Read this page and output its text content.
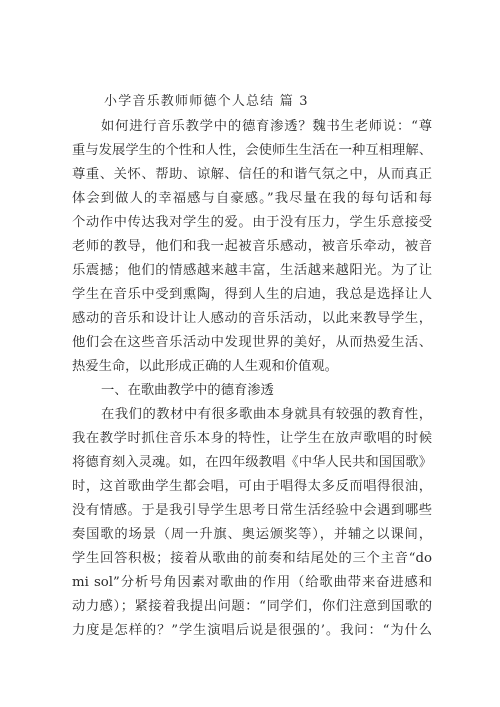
小学音乐教师师德个人总结 篇 3
如何进行音乐教学中的德育渗透？魏书生老师说：“尊
重与发展学生的个性和人性，会使师生生活在一种互相理解、
尊重、关怀、帮助、谅解、信任的和谐气氛之中，从而真正
体会到做人的幸福感与自豪感。”我尽量在我的每句话和每
个动作中传达我对学生的爱。由于没有压力，学生乐意接受
老师的教导，他们和我一起被音乐感动，被音乐牵动，被音
乐震撼；他们的情感越来越丰富，生活越来越阳光。为了让
学生在音乐中受到熏陶，得到人生的启迪，我总是选择让人
感动的音乐和设计让人感动的音乐活动，以此来教导学生，
他们会在这些音乐活动中发现世界的美好，从而热爱生活、
热爱生命，以此形成正确的人生观和价值观。
一、在歌曲教学中的德育渗透
在我们的教材中有很多歌曲本身就具有较强的教育性，
我在教学时抓住音乐本身的特性，让学生在放声歌唱的时候
将德育刻入灵魂。如，在四年级教唱《中华人民共和国国歌》
时，这首歌曲学生都会唱，可由于唱得太多反而唱得很油，
没有情感。于是我引导学生思考日常生活经验中会遇到哪些
奏国歌的场景（周一升旗、奥运颁奖等），并辅之以课间，
学生回答积极；接着从歌曲的前奏和结尾处的三个主音“do
mi sol”分析号角因素对歌曲的作用（给歌曲带来奋进感和
动力感）；紧接着我提出问题：“同学们，你们注意到国歌的
力度是怎样的？”学生演唱后说是很强的’。我问：“为什么
